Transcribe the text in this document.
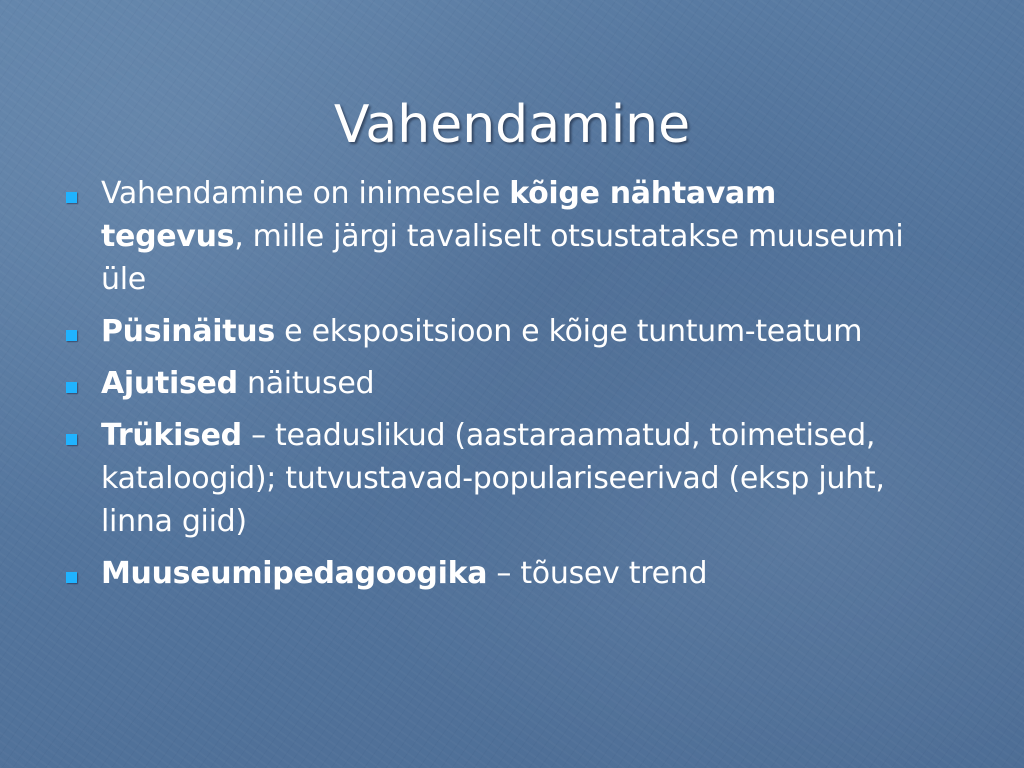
Vahendamine
Vahendamine on inimesele kõige nähtavam tegevus, mille järgi tavaliselt otsustatakse muuseumi üle
Püsinäitus e ekspositsioon e kõige tuntum-teatum
Ajutised näitused
Trükised – teaduslikud (aastaraamatud, toimetised, kataloogid); tutvustavad-populariseerivad (eksp juht, linna giid)
Muuseumipedagoogika – tõusev trend
